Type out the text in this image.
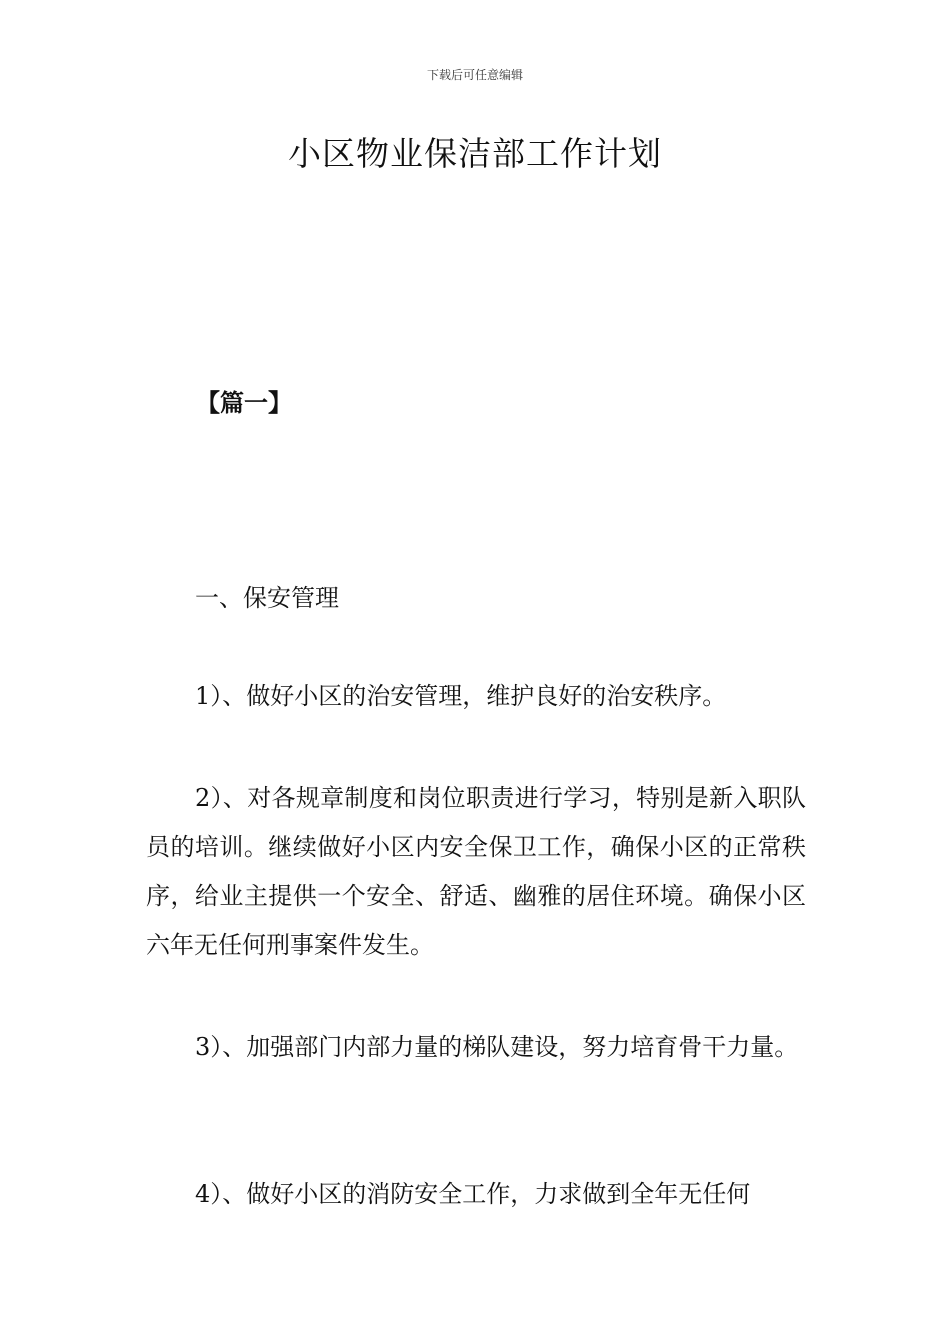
下载后可任意编辑
小区物业保洁部工作计划
【篇一】

一、保安管理

1）、做好小区的治安管理，维护良好的治安秩序。

2）、对各规章制度和岗位职责进行学习，特别是新入职队员的培训。继续做好小区内安全保卫工作，确保小区的正常秩序，给业主提供一个安全、舒适、幽雅的居住环境。确保小区六年无任何刑事案件发生。

3）、加强部门内部力量的梯队建设，努力培育骨干力量。

4）、做好小区的消防安全工作，力求做到全年无任何
